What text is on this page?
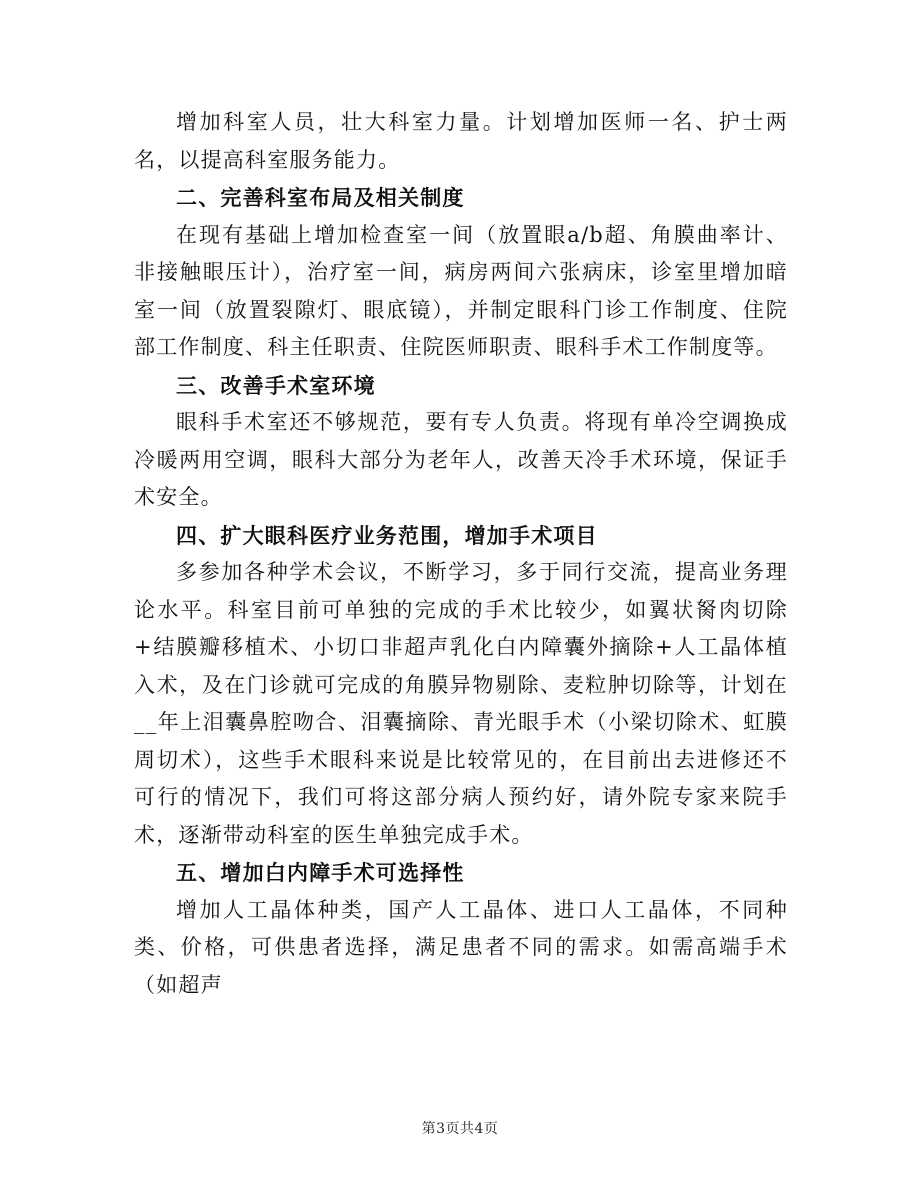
增加科室人员，壮大科室力量。计划增加医师一名、护士两名，以提高科室服务能力。

二、完善科室布局及相关制度

在现有基础上增加检查室一间（放置眼a/b超、角膜曲率计、非接触眼压计），治疗室一间，病房两间六张病床，诊室里增加暗室一间（放置裂隙灯、眼底镜），并制定眼科门诊工作制度、住院部工作制度、科主任职责、住院医师职责、眼科手术工作制度等。

三、改善手术室环境

眼科手术室还不够规范，要有专人负责。将现有单冷空调换成冷暖两用空调，眼科大部分为老年人，改善天冷手术环境，保证手术安全。

四、扩大眼科医疗业务范围，增加手术项目

多参加各种学术会议，不断学习，多于同行交流，提高业务理论水平。科室目前可单独的完成的手术比较少，如翼状胬肉切除+结膜瓣移植术、小切口非超声乳化白内障囊外摘除+人工晶体植入术，及在门诊就可完成的角膜异物剔除、麦粒肿切除等，计划在__年上泪囊鼻腔吻合、泪囊摘除、青光眼手术（小梁切除术、虹膜周切术），这些手术眼科来说是比较常见的，在目前出去进修还不可行的情况下，我们可将这部分病人预约好，请外院专家来院手术，逐渐带动科室的医生单独完成手术。

五、增加白内障手术可选择性

增加人工晶体种类，国产人工晶体、进口人工晶体，不同种类、价格，可供患者选择，满足患者不同的需求。如需高端手术（如超声

第3页共4页
